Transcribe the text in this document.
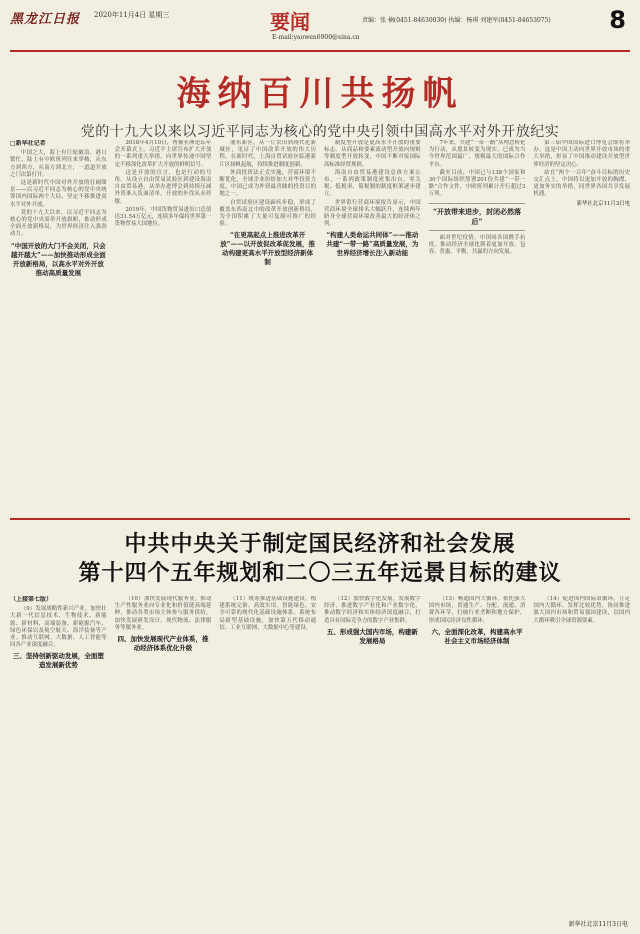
黑龙江日报 2020年11月4日 星期三	要闻
E-mail:yaowen6900@sina.cn
责编：张 楠(0451-84630030) 执编：杨琪 刘建军(0451-84653075)	8
海纳百川共扬帆
党的十九大以来以习近平同志为核心的党中央引领中国高水平对外开放纪实
□新华社记者

中国之大，海上有巨轮破浪、港口繁忙，陆上有中欧班列往来穿梭，从东方到西方，从南方到北方，一道道开放之门次第打开。

这是新时代中国对外开放的壮阔图景——以习近平同志为核心的党中央统筹国内国际两个大局，坚定不移推进高水平对外开放。

党的十九大以来，以习近平同志为核心的党中央高举开放旗帜，推动形成全面开放新格局，为世界经济注入强劲动力。

“中国开放的大门不会关闭，只会越开越大”——加快推动形成全面开放新格局，以高水平对外开放推动高质量发展

2018年4月10日，博鳌亚洲论坛年会开幕式上，习近平主席宣布扩大开放的一系列重大举措，向世界传递中国坚定不移深化改革扩大开放的鲜明信号。

这是开放的宣言，也是行动的号角。从设立自由贸易试验区到建设海南自由贸易港，从举办进博会到持续压减外资准入负面清单，开放的步伐从未停歇。

2019年，中国货物贸易进出口总值达31.54万亿元，连续多年保持世界第一货物贸易大国地位。

浦东新区，从一片农田到现代化新城区，见证了中国改革开放的伟大历程。在新时代，上海自贸试验区临港新片区扬帆起航，持续推进制度创新。

外商投资法正式实施，营商环境不断优化，全球企业纷纷加大对华投资力度，中国已成为外资最青睐的投资目的地之一。

自贸试验区建设蹄疾步稳，形成了覆盖东西南北中的改革开放创新格局，为全国积累了大量可复制可推广的经验。

“在更高起点上推进改革开放”——以开放促改革促发展，推动构建更高水平开放型经济新体制

制度型开放是更高水平开放的重要标志。从商品和要素流动型开放向规则等制度型开放转变，中国不断对接国际高标准经贸规则。

海南自由贸易港建设总体方案公布，一系列政策制度密集出台，零关税、低税率、简税制的制度框架逐步建立。

世界银行营商环境报告显示，中国营商环境全球排名大幅跃升，连续两年跻身全球营商环境改善最大的经济体之列。

“构建人类命运共同体”——推动共建“一带一路”高质量发展，为世界经济增长注入新动能

7年来，共建“一带一路”从理念转化为行动，从愿景转变为现实，已成为当今世界范围最广、规模最大的国际合作平台。

截至目前，中国已与138个国家和30个国际组织签署201份共建“一带一路”合作文件，中欧班列累计开行超过3万列。

“开放带来进步，封闭必然落后”

面对世纪疫情，中国同各国携手抗疫，推动经济全球化朝着更加开放、包容、普惠、平衡、共赢的方向发展。

第三届中国国际进口博览会即将举办，这是中国主动向世界开放市场的重大举措，彰显了中国推动建设开放型世界经济的坚定决心。

站在“两个一百年”奋斗目标的历史交汇点上，中国将以更加开放的胸襟、更加务实的举措，同世界各国共享发展机遇。

新华社北京11月3日电
中共中央关于制定国民经济和社会发展
第十四个五年规划和二〇三五年远景目标的建议
（上接第七版）

（9）发展战略性新兴产业。加快壮大新一代信息技术、生物技术、新能源、新材料、高端装备、新能源汽车、绿色环保以及航空航天、海洋装备等产业。推动互联网、大数据、人工智能等同各产业深度融合。

三、坚持创新驱动发展，全面塑造发展新优势

（10）加快发展现代服务业。推动生产性服务业向专业化和价值链高端延伸，推动各类市场主体参与服务供给，加快发展研发设计、现代物流、法律服务等服务业。

四、加快发展现代产业体系，推动经济体系优化升级

（11）统筹推进基础设施建设。构建系统完备、高效实用、智能绿色、安全可靠的现代化基础设施体系。系统布局新型基础设施，加快第五代移动通信、工业互联网、大数据中心等建设。

（12）加快数字化发展。发展数字经济，推进数字产业化和产业数字化，推动数字经济和实体经济深度融合，打造具有国际竞争力的数字产业集群。

五、形成强大国内市场，构建新发展格局

（13）畅通国内大循环。依托强大国内市场，贯通生产、分配、流通、消费各环节，打破行业垄断和地方保护，形成国民经济良性循环。

六、全面深化改革，构建高水平社会主义市场经济体制

（14）促进国内国际双循环。立足国内大循环，发挥比较优势，协同推进强大国内市场和贸易强国建设，以国内大循环吸引全球资源要素。

新华社北京11月3日电
